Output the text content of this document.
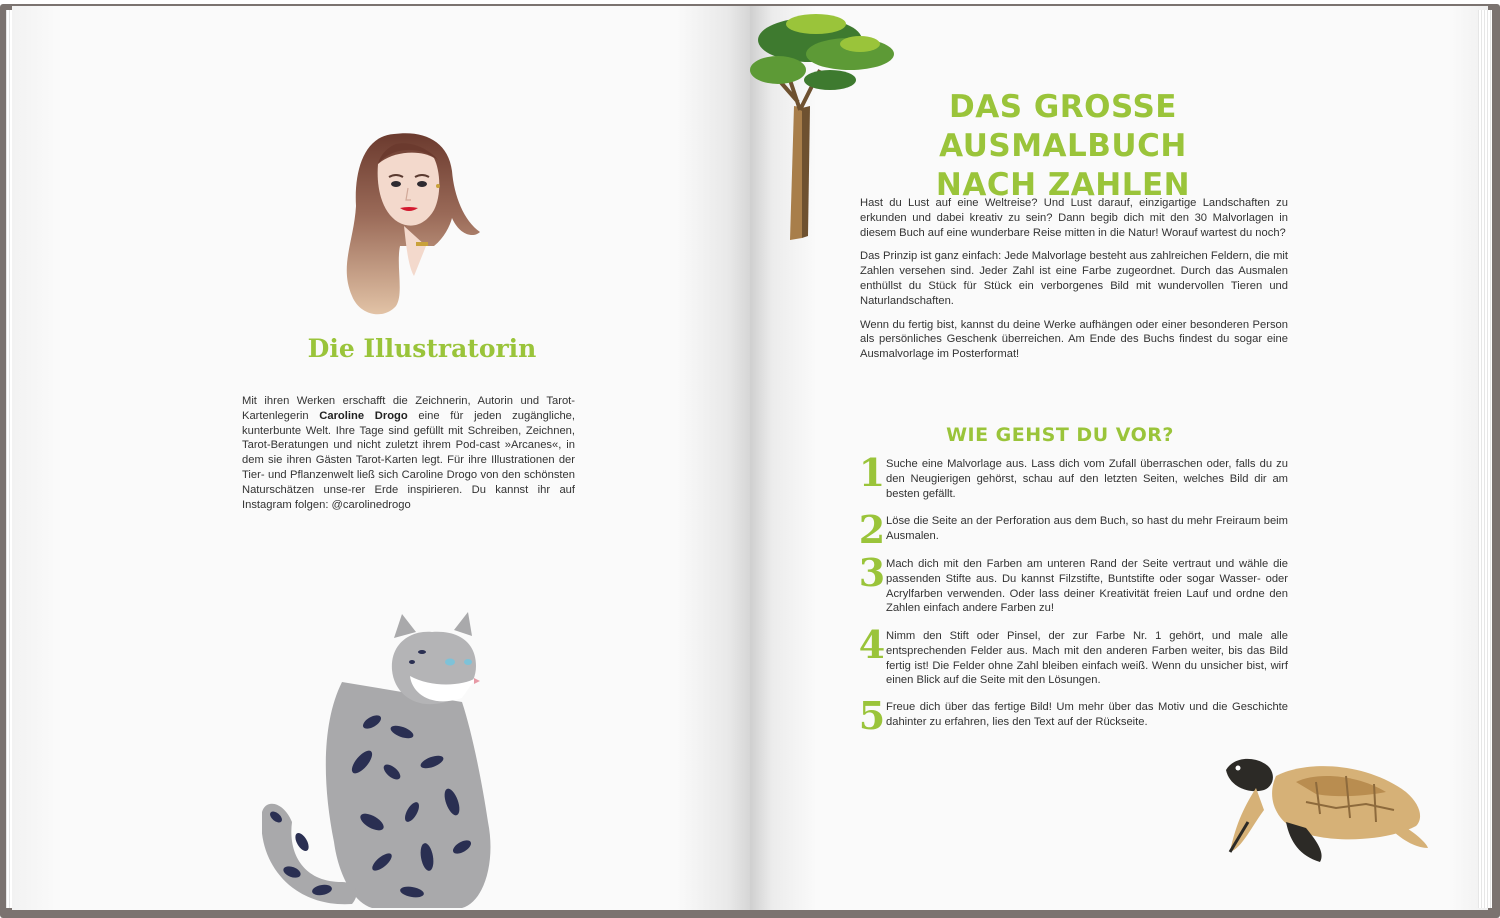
Die Illustratorin
Mit ihren Werken erschafft die Zeichnerin, Autorin und Tarot-Kartenlegerin Caroline Drogo eine für jeden zugängliche, kunterbunte Welt. Ihre Tage sind gefüllt mit Schreiben, Zeichnen, Tarot-Beratungen und nicht zuletzt ihrem Pod-cast »Arcanes«, in dem sie ihren Gästen Tarot-Karten legt. Für ihre Illustrationen der Tier- und Pflanzenwelt ließ sich Caroline Drogo von den schönsten Naturschätzen unse-rer Erde inspirieren. Du kannst ihr auf Instagram folgen: @carolinedrogo
DAS GROSSE AUSMALBUCH
NACH ZAHLEN

Hast du Lust auf eine Weltreise? Und Lust darauf, einzigartige Landschaften zu erkunden und dabei kreativ zu sein? Dann begib dich mit den 30 Malvorlagen in diesem Buch auf eine wunderbare Reise mitten in die Natur! Worauf wartest du noch?

Das Prinzip ist ganz einfach: Jede Malvorlage besteht aus zahlreichen Feldern, die mit Zahlen versehen sind. Jeder Zahl ist eine Farbe zugeordnet. Durch das Ausmalen enthüllst du Stück für Stück ein verborgenes Bild mit wundervollen Tieren und Naturlandschaften.

Wenn du fertig bist, kannst du deine Werke aufhängen oder einer besonderen Person als persönliches Geschenk überreichen. Am Ende des Buchs findest du sogar eine Ausmalvorlage im Posterformat!

WIE GEHST DU VOR?
1 Suche eine Malvorlage aus. Lass dich vom Zufall überraschen oder, falls du zu den Neugierigen gehörst, schau auf den letzten Seiten, welches Bild dir am besten gefällt.
2 Löse die Seite an der Perforation aus dem Buch, so hast du mehr Freiraum beim Ausmalen.
3 Mach dich mit den Farben am unteren Rand der Seite vertraut und wähle die passenden Stifte aus. Du kannst Filzstifte, Buntstifte oder sogar Wasser- oder Acrylfarben verwenden. Oder lass deiner Kreativität freien Lauf und ordne den Zahlen einfach andere Farben zu!
4 Nimm den Stift oder Pinsel, der zur Farbe Nr. 1 gehört, und male alle entsprechenden Felder aus. Mach mit den anderen Farben weiter, bis das Bild fertig ist! Die Felder ohne Zahl bleiben einfach weiß. Wenn du unsicher bist, wirf einen Blick auf die Seite mit den Lösungen.
5 Freue dich über das fertige Bild! Um mehr über das Motiv und die Geschichte dahinter zu erfahren, lies den Text auf der Rückseite.
